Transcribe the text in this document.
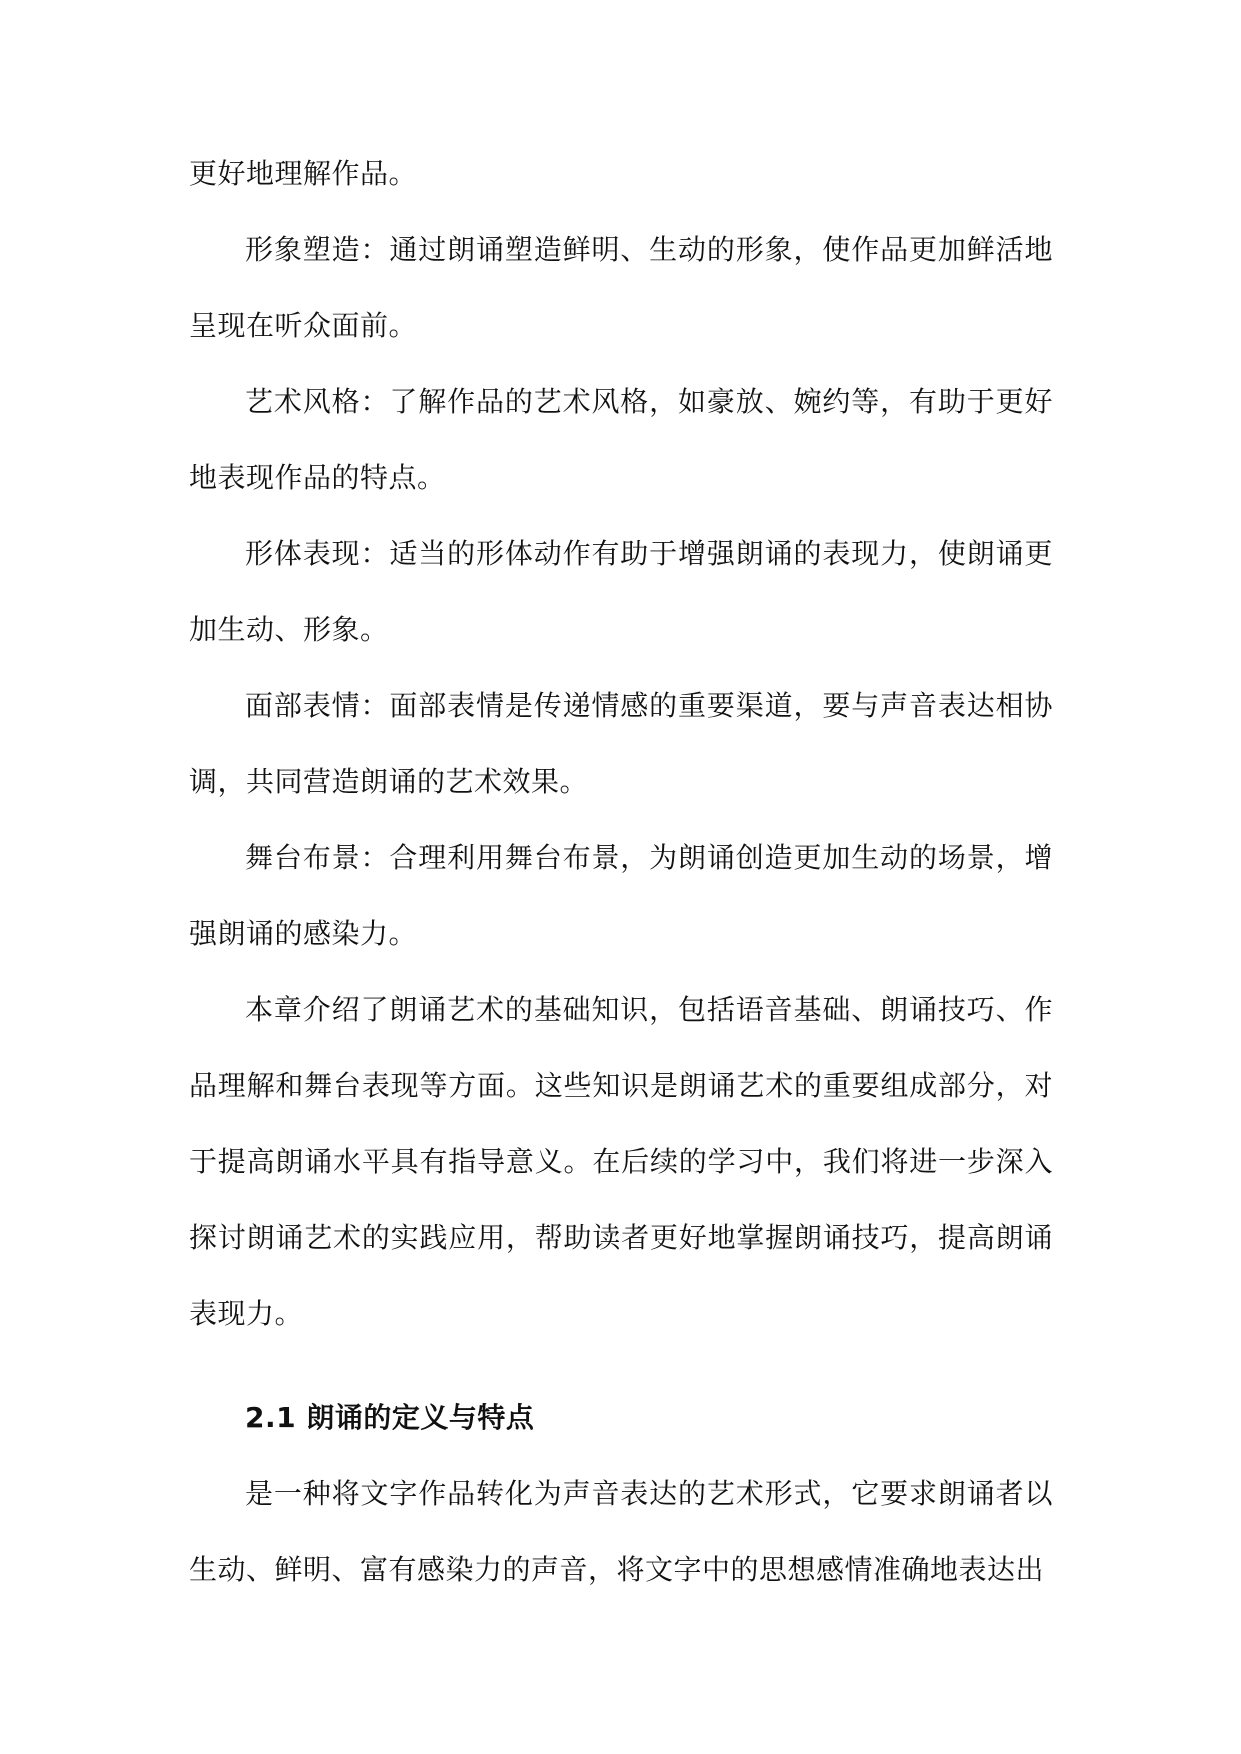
更好地理解作品。

形象塑造：通过朗诵塑造鲜明、生动的形象，使作品更加鲜活地呈现在听众面前。

艺术风格：了解作品的艺术风格，如豪放、婉约等，有助于更好地表现作品的特点。

形体表现：适当的形体动作有助于增强朗诵的表现力，使朗诵更加生动、形象。

面部表情：面部表情是传递情感的重要渠道，要与声音表达相协调，共同营造朗诵的艺术效果。

舞台布景：合理利用舞台布景，为朗诵创造更加生动的场景，增强朗诵的感染力。

本章介绍了朗诵艺术的基础知识，包括语音基础、朗诵技巧、作品理解和舞台表现等方面。这些知识是朗诵艺术的重要组成部分，对于提高朗诵水平具有指导意义。在后续的学习中，我们将进一步深入探讨朗诵艺术的实践应用，帮助读者更好地掌握朗诵技巧，提高朗诵表现力。

2.1 朗诵的定义与特点

是一种将文字作品转化为声音表达的艺术形式，它要求朗诵者以生动、鲜明、富有感染力的声音，将文字中的思想感情准确地表达出
